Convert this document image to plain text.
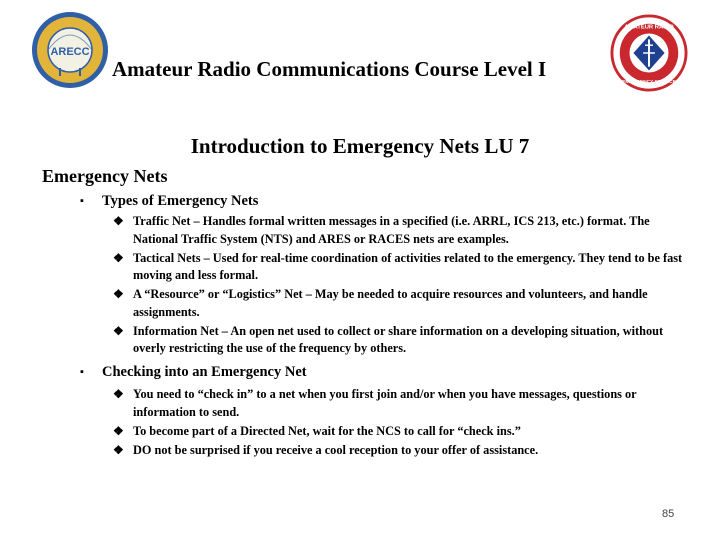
ARECC
AMATEUR RADIO
EMERGENCY SERVICE
Amateur Radio Communications Course Level I
Introduction to Emergency Nets LU 7
Emergency Nets
▪ Types of Emergency Nets
❖ Traffic Net – Handles formal written messages in a specified (i.e. ARRL, ICS 213, etc.) format. The National Traffic System (NTS) and ARES or RACES nets are examples.
❖ Tactical Nets – Used for real-time coordination of activities related to the emergency. They tend to be fast moving and less formal.
❖ A “Resource” or “Logistics” Net – May be needed to acquire resources and volunteers, and handle assignments.
❖ Information Net – An open net used to collect or share information on a developing situation, without overly restricting the use of the frequency by others.
▪ Checking into an Emergency Net
❖ You need to “check in” to a net when you first join and/or when you have messages, questions or information to send.
❖ To become part of a Directed Net, wait for the NCS to call for “check ins.”
❖ DO not be surprised if you receive a cool reception to your offer of assistance.
85
